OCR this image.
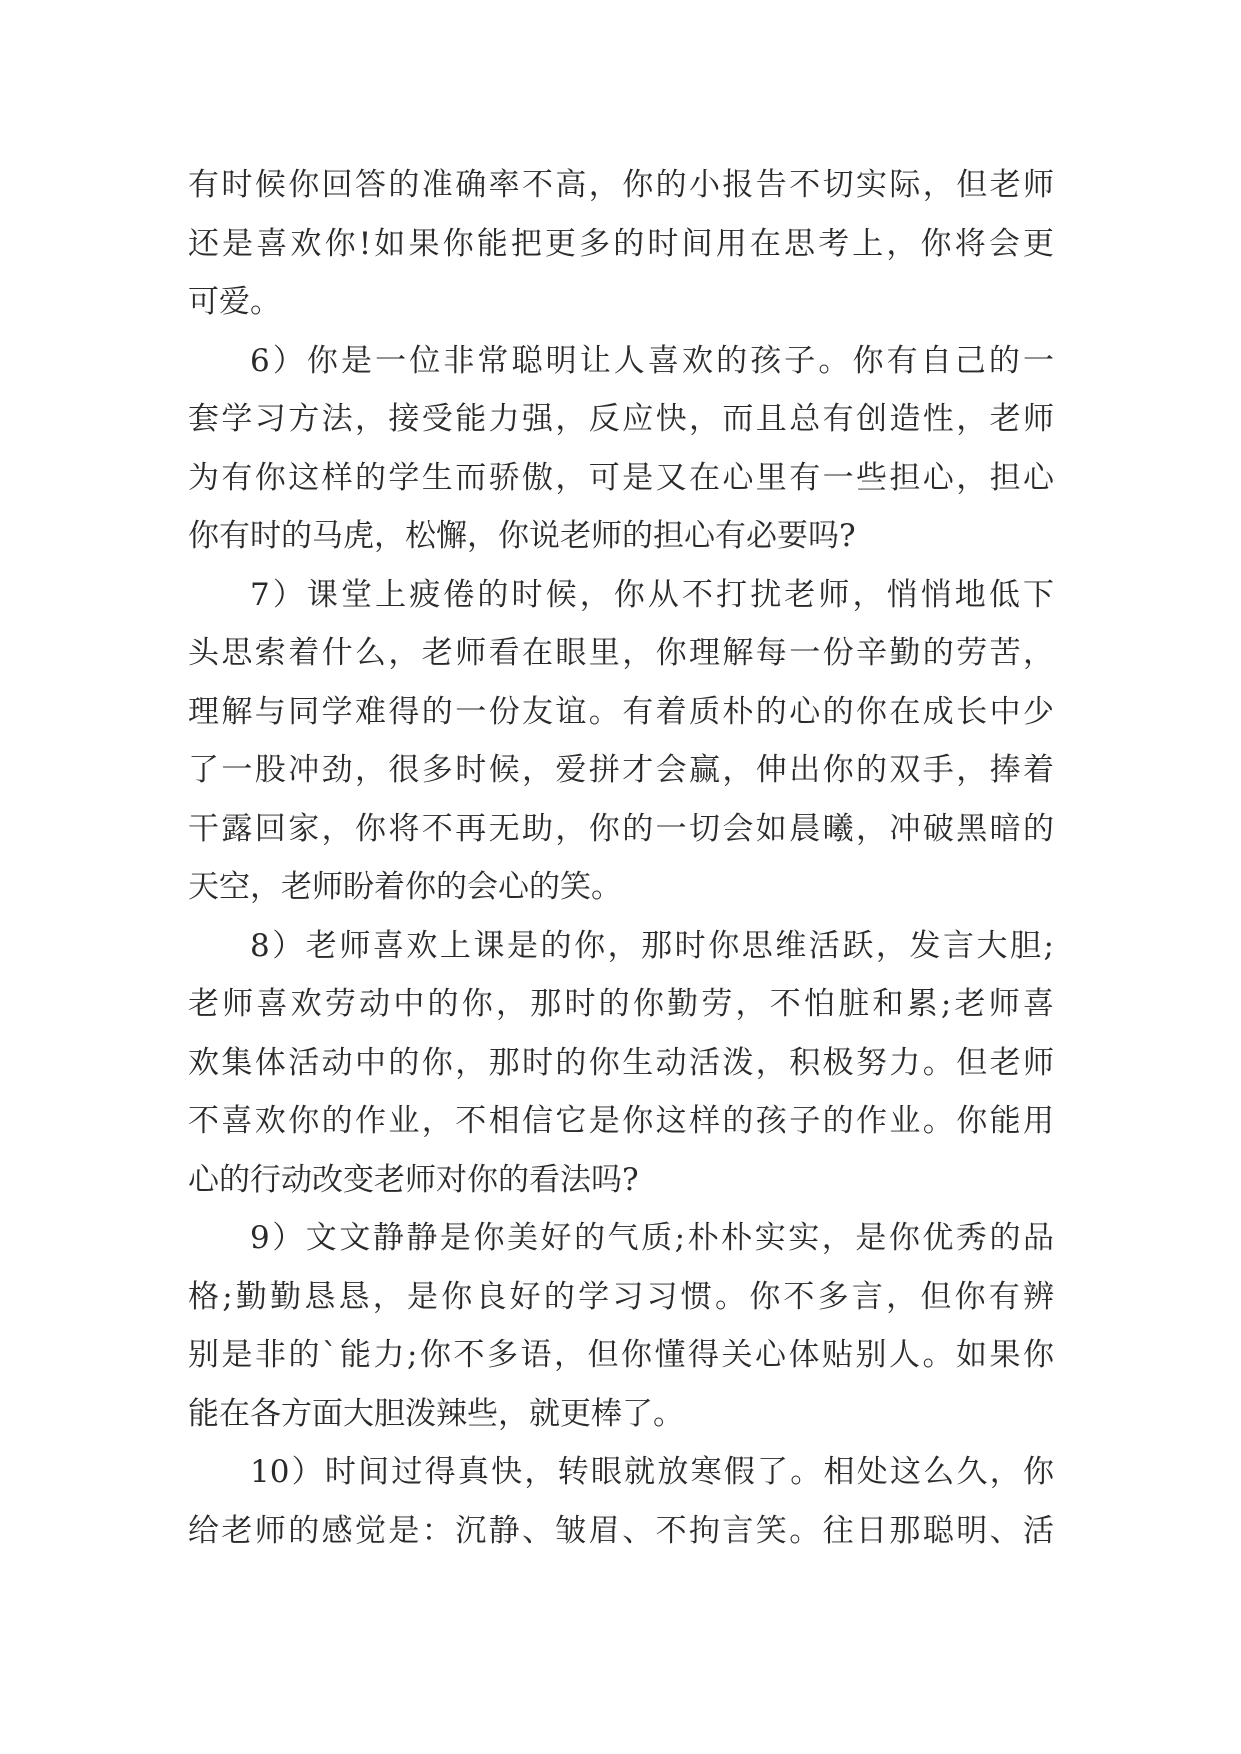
有时候你回答的准确率不高，你的小报告不切实际，但老师
还是喜欢你!如果你能把更多的时间用在思考上，你将会更
可爱。
6）你是一位非常聪明让人喜欢的孩子。你有自己的一
套学习方法，接受能力强，反应快，而且总有创造性，老师
为有你这样的学生而骄傲，可是又在心里有一些担心，担心
你有时的马虎，松懈，你说老师的担心有必要吗?
7）课堂上疲倦的时候，你从不打扰老师，悄悄地低下
头思索着什么，老师看在眼里，你理解每一份辛勤的劳苦，
理解与同学难得的一份友谊。有着质朴的心的你在成长中少
了一股冲劲，很多时候，爱拼才会赢，伸出你的双手，捧着
干露回家，你将不再无助，你的一切会如晨曦，冲破黑暗的
天空，老师盼着你的会心的笑。
8）老师喜欢上课是的你，那时你思维活跃，发言大胆;
老师喜欢劳动中的你，那时的你勤劳，不怕脏和累;老师喜
欢集体活动中的你，那时的你生动活泼，积极努力。但老师
不喜欢你的作业，不相信它是你这样的孩子的作业。你能用
心的行动改变老师对你的看法吗?
9）文文静静是你美好的气质;朴朴实实，是你优秀的品
格;勤勤恳恳，是你良好的学习习惯。你不多言，但你有辨
别是非的`能力;你不多语，但你懂得关心体贴别人。如果你
能在各方面大胆泼辣些，就更棒了。
10）时间过得真快，转眼就放寒假了。相处这么久，你
给老师的感觉是：沉静、皱眉、不拘言笑。往日那聪明、活
